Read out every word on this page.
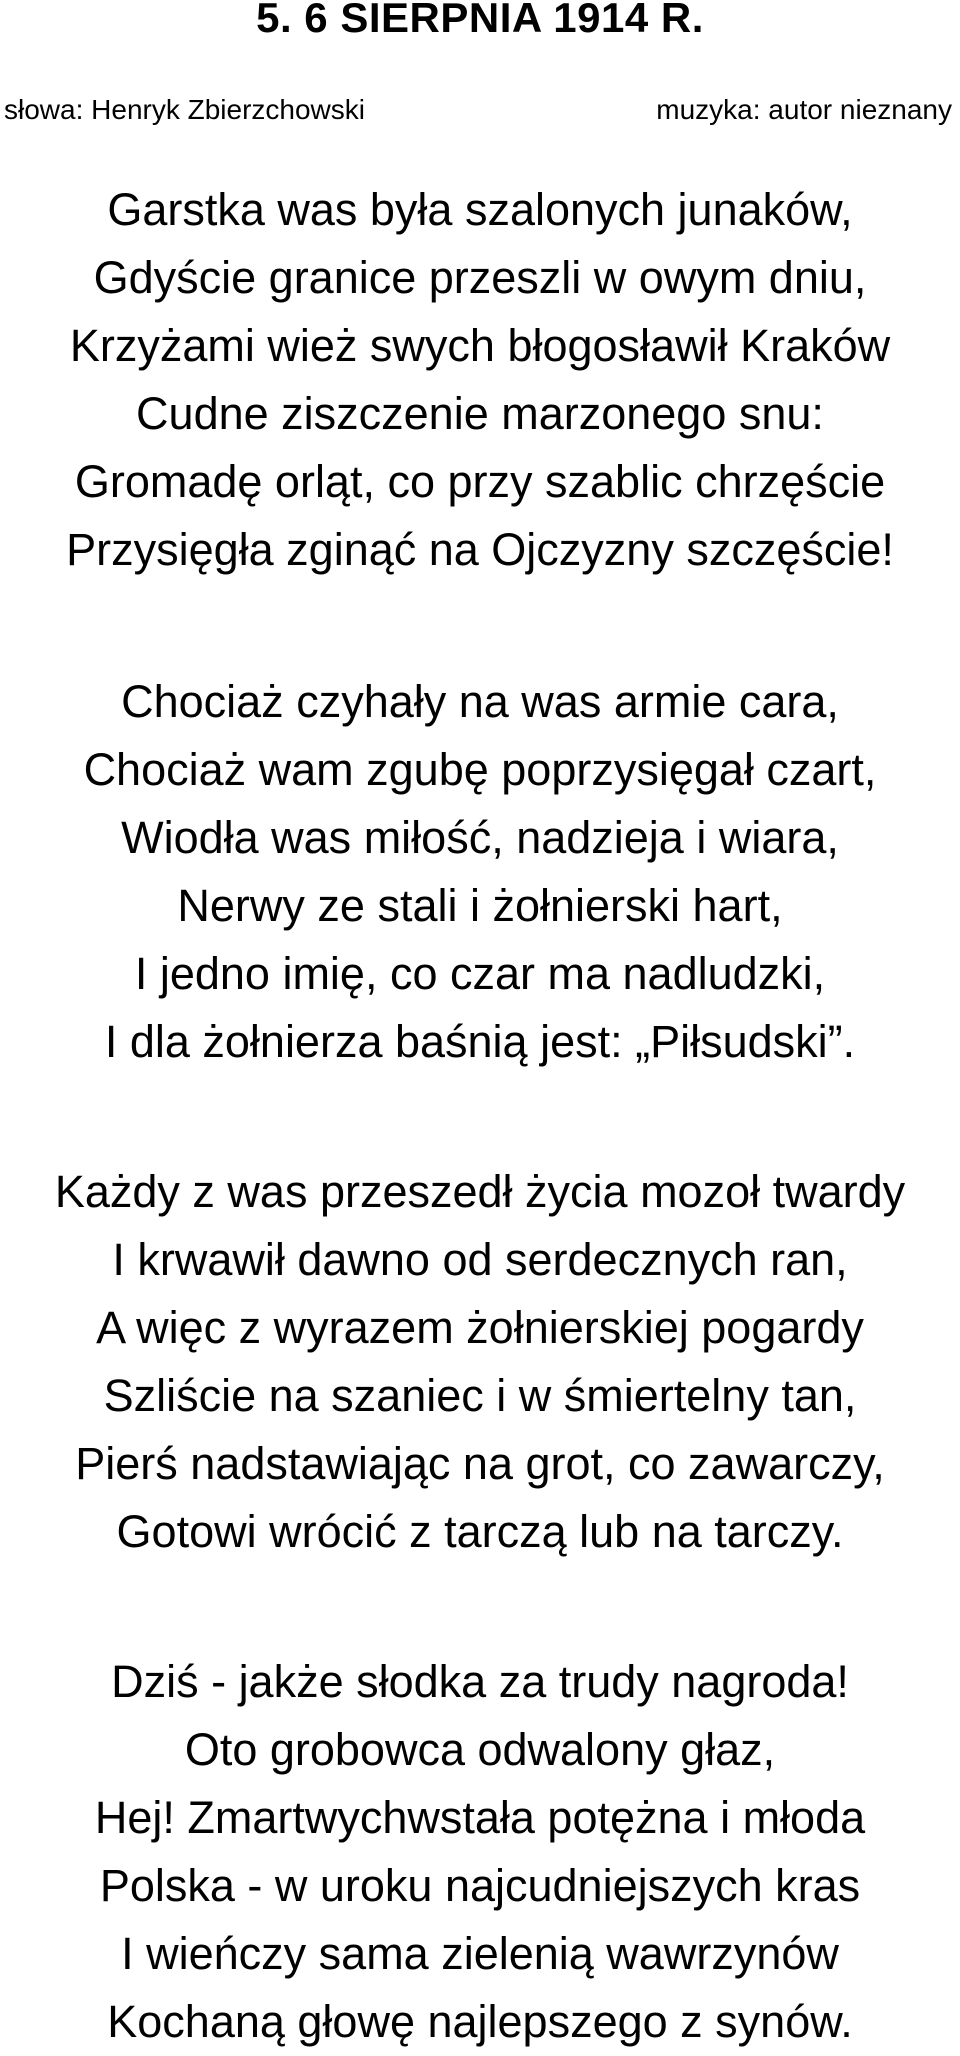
5. 6 SIERPNIA 1914 R.
słowa: Henryk Zbierzchowski	muzyka: autor nieznany
Garstka was była szalonych junaków,
Gdyście granice przeszli w owym dniu,
Krzyżami wież swych błogosławił Kraków
Cudne ziszczenie marzonego snu:
Gromadę orląt, co przy szablic chrzęście
Przysięgła zginąć na Ojczyzny szczęście!
Chociaż czyhały na was armie cara,
Chociaż wam zgubę poprzysięgał czart,
Wiodła was miłość, nadzieja i wiara,
Nerwy ze stali i żołnierski hart,
I jedno imię, co czar ma nadludzki,
I dla żołnierza baśnią jest: „Piłsudski”.
Każdy z was przeszedł życia mozoł twardy
I krwawił dawno od serdecznych ran,
A więc z wyrazem żołnierskiej pogardy
Szliście na szaniec i w śmiertelny tan,
Pierś nadstawiając na grot, co zawarczy,
Gotowi wrócić z tarczą lub na tarczy.
Dziś - jakże słodka za trudy nagroda!
Oto grobowca odwalony głaz,
Hej! Zmartwychwstała potężna i młoda
Polska - w uroku najcudniejszych kras
I wieńczy sama zielenią wawrzynów
Kochaną głowę najlepszego z synów.
